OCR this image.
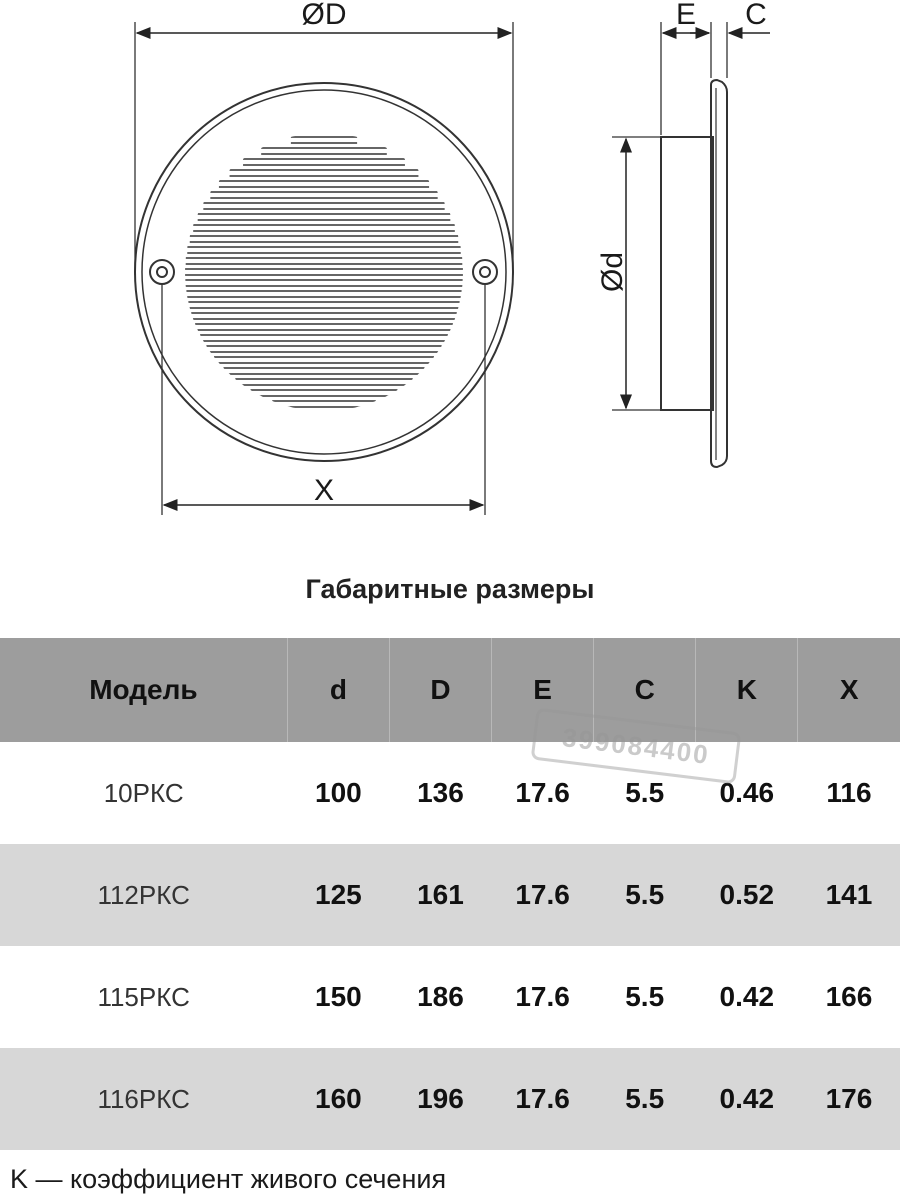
ØD
X
E C
Ød
Габаритные размеры
Модель	d	D	E	C	K	X
10РКС	100	136	17.6	5.5	0.46	116
112РКС	125	161	17.6	5.5	0.52	141
115РКС	150	186	17.6	5.5	0.42	166
116РКС	160	196	17.6	5.5	0.42	176
399084400
K — коэффициент живого сечения
